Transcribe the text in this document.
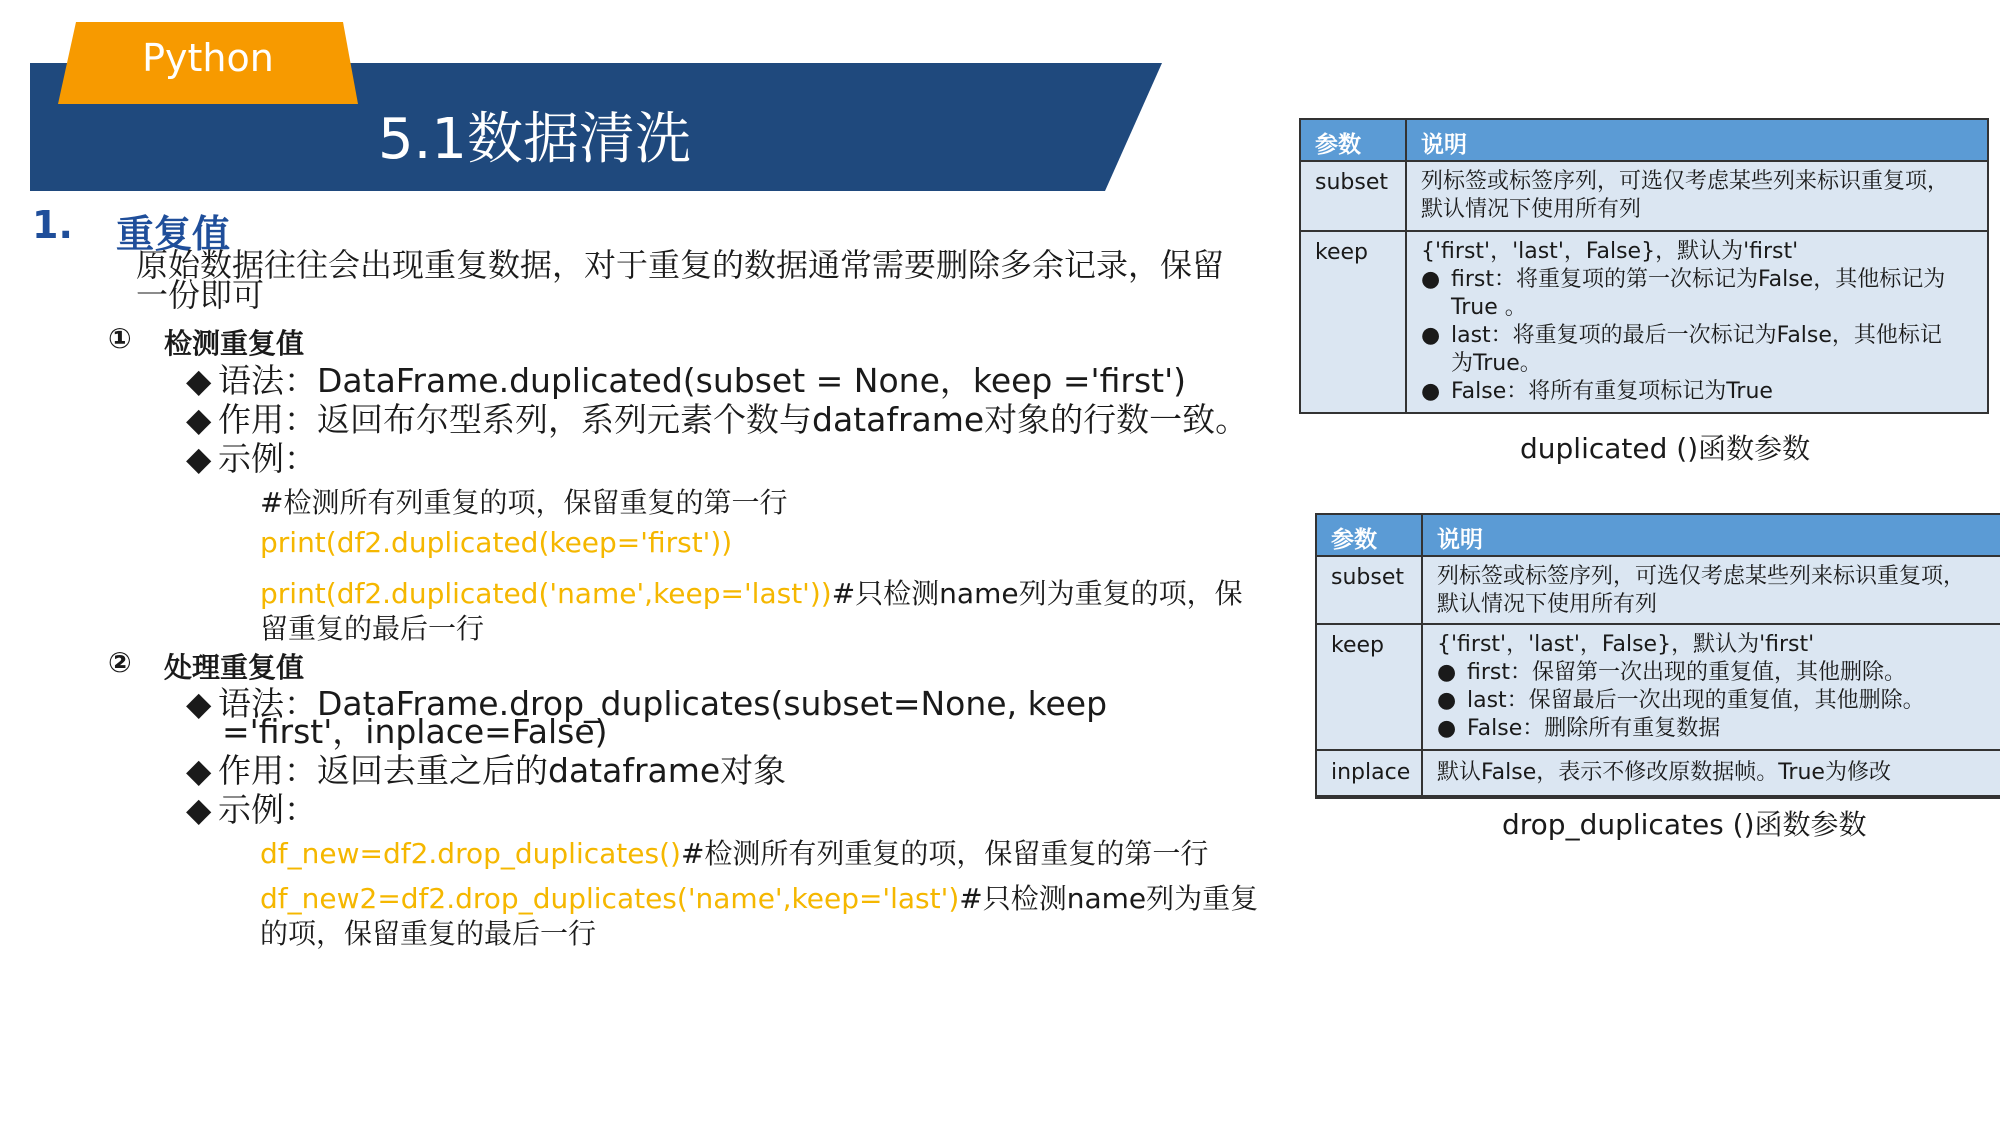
Python
5.1数据清洗
1. 重复值
原始数据往往会出现重复数据，对于重复的数据通常需要删除多余记录，保留一份即可
① 检测重复值
◆ 语法：DataFrame.duplicated(subset = None，keep ='first')
◆ 作用：返回布尔型系列，系列元素个数与dataframe对象的行数一致。
◆ 示例：
#检测所有列重复的项，保留重复的第一行
print(df2.duplicated(keep='first'))
print(df2.duplicated('name',keep='last'))#只检测name列为重复的项，保
留重复的最后一行
② 处理重复值
◆ 语法：DataFrame.drop_duplicates(subset=None, keep
='first'，inplace=False)
◆ 作用：返回去重之后的dataframe对象
◆ 示例：
df_new=df2.drop_duplicates()#检测所有列重复的项，保留重复的第一行
df_new2=df2.drop_duplicates('name',keep='last')#只检测name列为重复
的项，保留重复的最后一行
参数	说明
subset 列标签或标签序列，可选仅考虑某些列来标识重复项，
默认情况下使用所有列
keep {'first'，'last'，False}，默认为'first'
● first：将重复项的第一次标记为False，其他标记为
True 。
● last：将重复项的最后一次标记为False，其他标记
为True。
● False：将所有重复项标记为True
duplicated ()函数参数
参数	说明
subset 列标签或标签序列，可选仅考虑某些列来标识重复项，
默认情况下使用所有列
keep {'first'，'last'，False}，默认为'first'
● first：保留第一次出现的重复值，其他删除。
● last：保留最后一次出现的重复值，其他删除。
● False：删除所有重复数据
inplace 默认False，表示不修改原数据帧。True为修改
drop_duplicates ()函数参数
